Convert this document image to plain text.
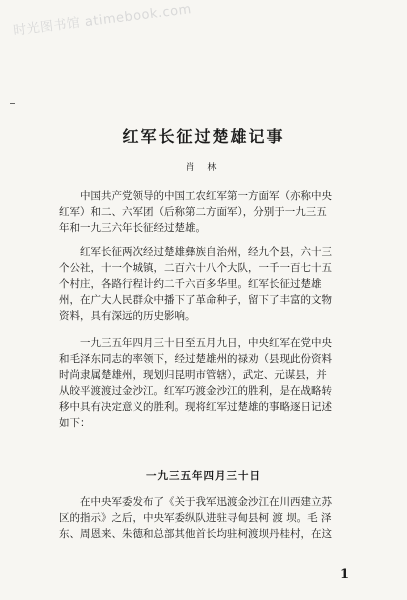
时光图书馆 atimebook.com
红军长征过楚雄记事
肖 林

中国共产党领导的中国工农红军第一方面军（亦称中央
红军）和二、六军团（后称第二方面军），分别于一九三五
年和一九三六年长征经过楚雄。

红军长征两次经过楚雄彝族自治州，经九个县，六十三
个公社，十一个城镇，二百六十八个大队，一千一百七十五
个村庄，各路行程计约二千六百多华里。红军长征过楚雄
州，在广大人民群众中播下了革命种子，留下了丰富的文物
资料，具有深远的历史影响。

一九三五年四月三十日至五月九日，中央红军在党中央
和毛泽东同志的率领下，经过楚雄州的禄劝（县现此份资料
时尚隶属楚雄州，现划归昆明市管辖），武定、元谋县，并
从皎平渡渡过金沙江。红军巧渡金沙江的胜利，是在战略转
移中具有决定意义的胜利。现将红军过楚雄的事略逐日记述
如下：

一九三五年四月三十日

在中央军委发布了《关于我军迅渡金沙江在川西建立苏
区的指示》之后，中央军委纵队进驻寻甸县柯 渡 坝。毛 泽
东、周恩来、朱德和总部其他首长均驻柯渡坝丹桂村，在这

1
